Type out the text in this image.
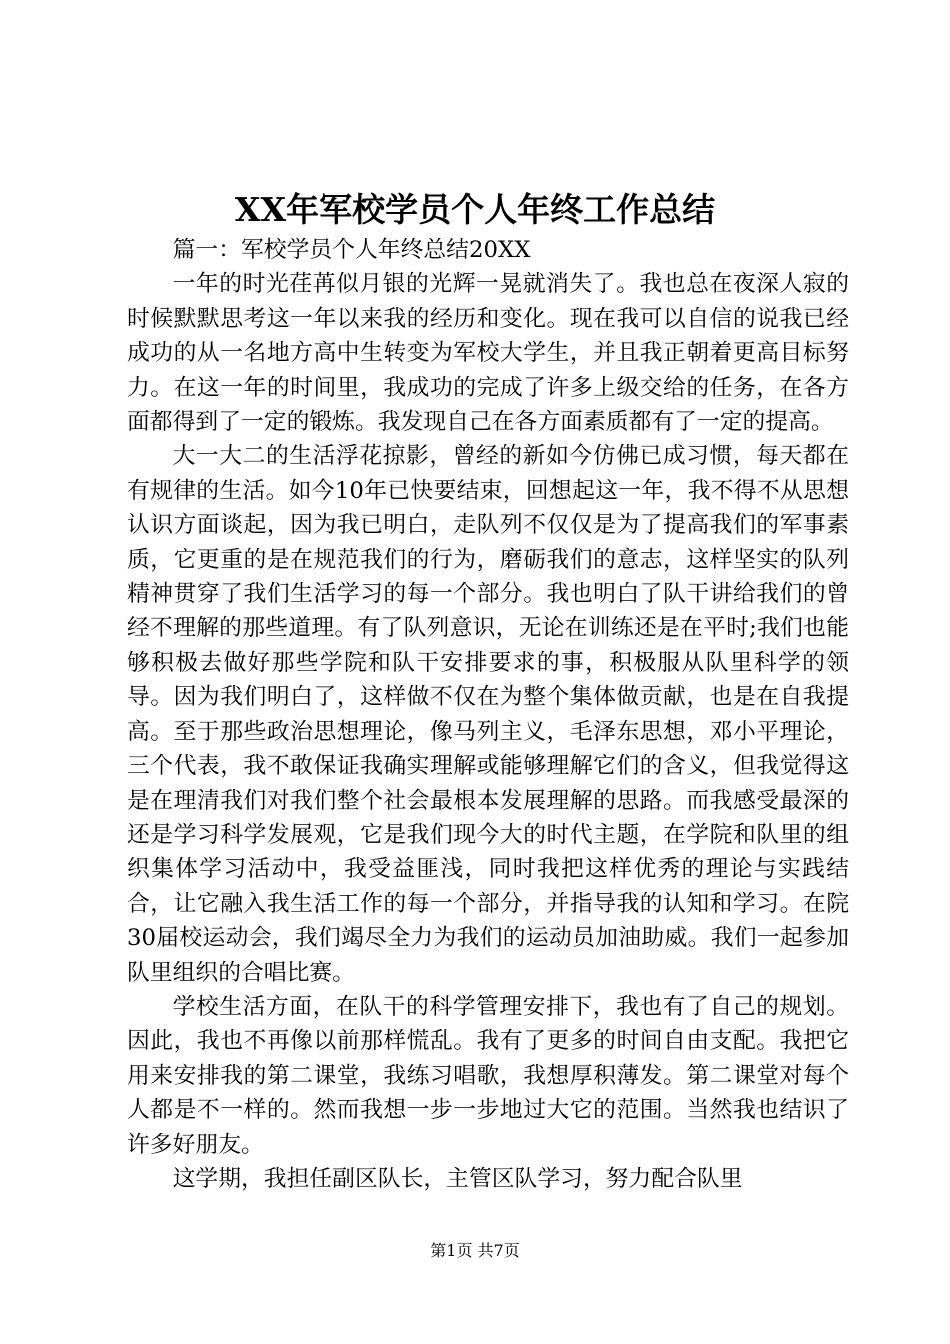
XX年军校学员个人年终工作总结

篇一：军校学员个人年终总结20XX

一年的时光荏苒似月银的光辉一晃就消失了。我也总在夜深人寂的时候默默思考这一年以来我的经历和变化。现在我可以自信的说我已经成功的从一名地方高中生转变为军校大学生，并且我正朝着更高目标努力。在这一年的时间里，我成功的完成了许多上级交给的任务，在各方面都得到了一定的锻炼。我发现自己在各方面素质都有了一定的提高。

大一大二的生活浮花掠影，曾经的新如今仿佛已成习惯，每天都在有规律的生活。如今10年已快要结束，回想起这一年，我不得不从思想认识方面谈起，因为我已明白，走队列不仅仅是为了提高我们的军事素质，它更重的是在规范我们的行为，磨砺我们的意志，这样坚实的队列精神贯穿了我们生活学习的每一个部分。我也明白了队干讲给我们的曾经不理解的那些道理。有了队列意识，无论在训练还是在平时;我们也能够积极去做好那些学院和队干安排要求的事，积极服从队里科学的领导。因为我们明白了，这样做不仅在为整个集体做贡献，也是在自我提高。至于那些政治思想理论，像马列主义，毛泽东思想，邓小平理论，三个代表，我不敢保证我确实理解或能够理解它们的含义，但我觉得这是在理清我们对我们整个社会最根本发展理解的思路。而我感受最深的还是学习科学发展观，它是我们现今大的时代主题，在学院和队里的组织集体学习活动中，我受益匪浅，同时我把这样优秀的理论与实践结合，让它融入我生活工作的每一个部分，并指导我的认知和学习。在院30届校运动会，我们竭尽全力为我们的运动员加油助威。我们一起参加队里组织的合唱比赛。

学校生活方面，在队干的科学管理安排下，我也有了自己的规划。因此，我也不再像以前那样慌乱。我有了更多的时间自由支配。我把它用来安排我的第二课堂，我练习唱歌，我想厚积薄发。第二课堂对每个人都是不一样的。然而我想一步一步地过大它的范围。当然我也结识了许多好朋友。

这学期，我担任副区队长，主管区队学习，努力配合队里

第1页 共7页
